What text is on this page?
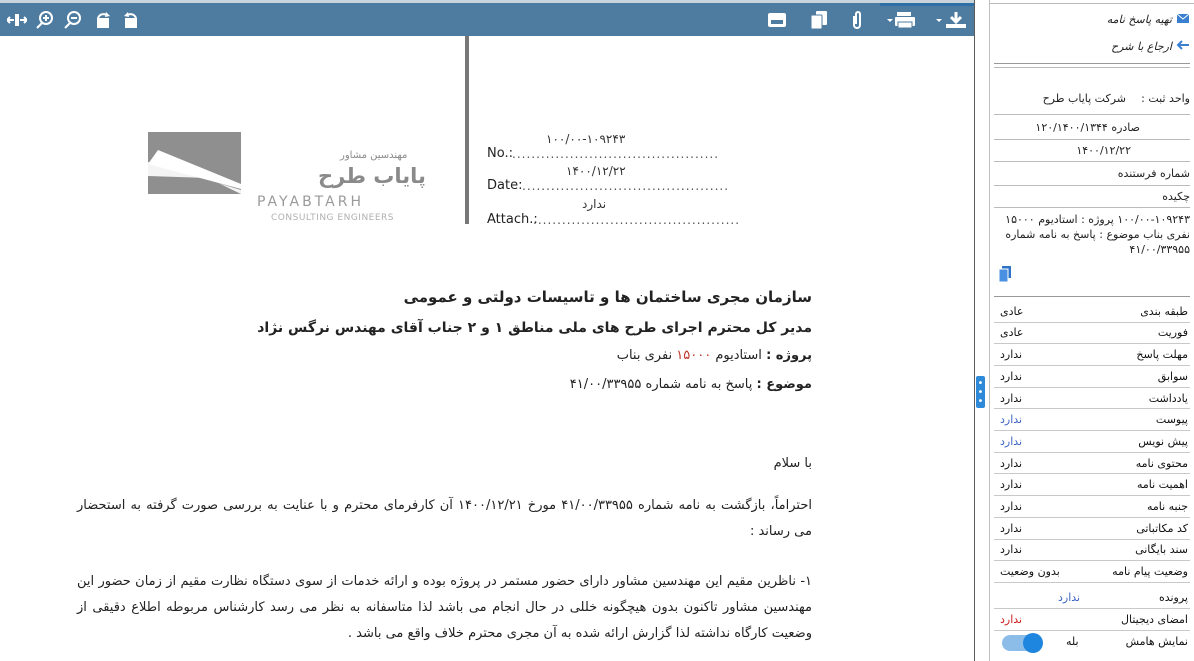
مهندسین مشاور
پایاب طرح
PAYABTARH
CONSULTING ENGINEERS
No.: ...........................................
۱۰۰/۰۰-۱۰۹۲۴۳
Date: ...........................................
۱۴۰۰/۱۲/۲۲
Attach.:
...........................................
ندارد
سازمان مجری ساختمان ها و تاسیسات دولتی و عمومی
مدیر کل محترم اجرای طرح های ملی مناطق ۱ و ۲ جناب آقای مهندس نرگس نژاد
پروژه : استادیوم ۱۵۰۰۰ نفری بناب
موضوع : پاسخ به نامه شماره ۴۱/۰۰/۳۳۹۵۵
با سلام
احتراماً، بازگشت به نامه شماره ۴۱/۰۰/۳۳۹۵۵ مورخ ۱۴۰۰/۱۲/۲۱ آن کارفرمای محترم و با عنایت به بررسی صورت گرفته به استحضار می رساند :
۱- ناظرین مقیم این مهندسین مشاور دارای حضور مستمر در پروژه بوده و ارائه خدمات از سوی دستگاه نظارت مقیم از زمان حضور این مهندسین مشاور تاکنون بدون هیچگونه خللی در حال انجام می باشد لذا متاسفانه به نظر می رسد کارشناس مربوطه اطلاع دقیقی از وضعیت کارگاه نداشته لذا گزارش ارائه شده به آن مجری محترم خلاف واقع می باشد .
•
•
•
تهیه پاسخ نامه
ارجاع با شرح
واحد ثبت :
شرکت پایاب طرح
صادره ۱۲۰/۱۴۰۰/۱۳۴۴
۱۴۰۰/۱۲/۲۲
شماره فرستنده
چکیده
۱۰۰/۰۰-۱۰۹۲۴۳ پروژه : استادیوم ۱۵۰۰۰ نفری بناب موضوع : پاسخ به نامه شماره ۴۱/۰۰/۳۳۹۵۵
پرونده
ندارد
امضای دیجیتال
ندارد
نمایش هامش
بله
طبقه بندی
عادی
فوریت
عادی
مهلت پاسخ
ندارد
سوابق
ندارد
یادداشت
ندارد
پیوست
ندارد
پیش نویس
ندارد
محتوی نامه
ندارد
اهمیت نامه
ندارد
جنبه نامه
ندارد
کد مکاتباتی
ندارد
سند بایگانی
ندارد
وضعیت پیام نامه
بدون وضعیت
